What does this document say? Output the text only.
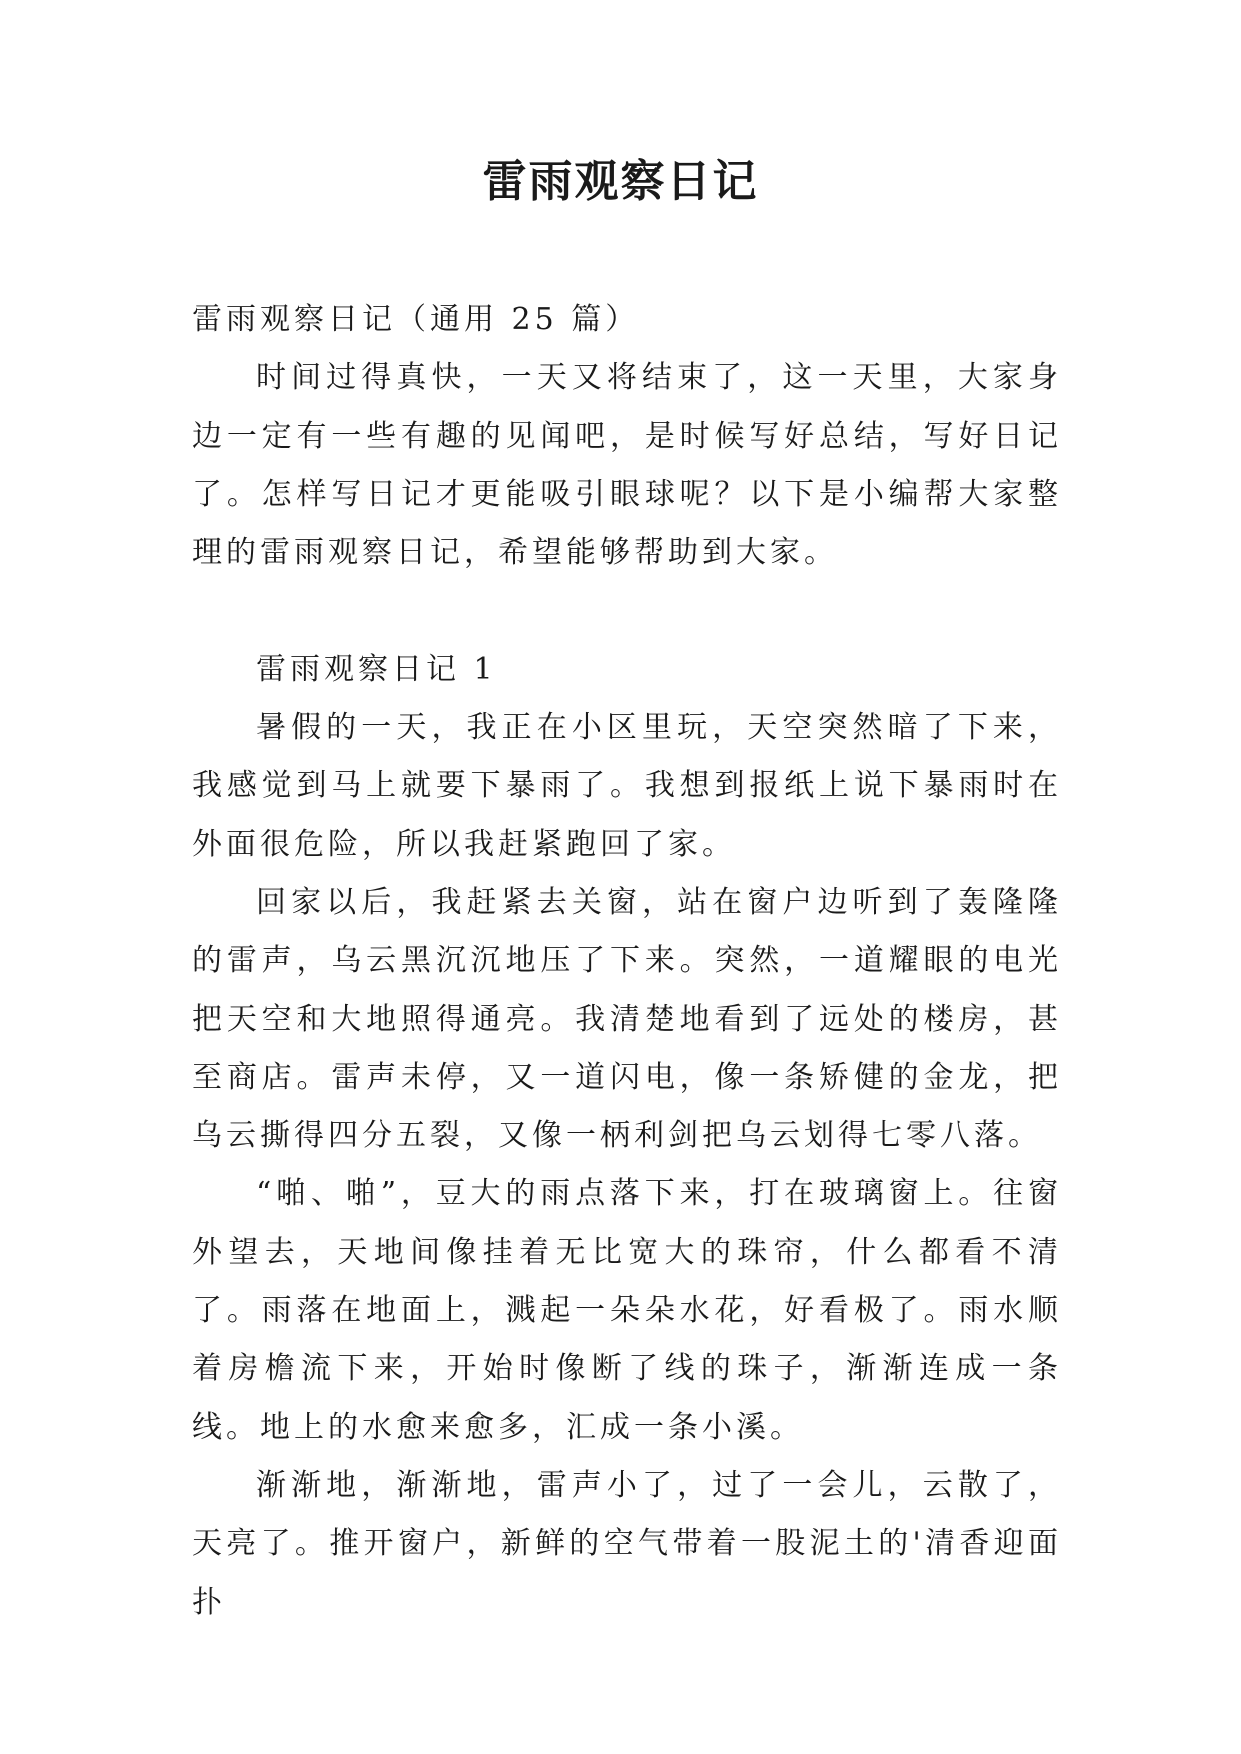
雷雨观察日记

雷雨观察日记（通用 25 篇）

时间过得真快，一天又将结束了，这一天里，大家身边一定有一些有趣的见闻吧，是时候写好总结，写好日记了。怎样写日记才更能吸引眼球呢？以下是小编帮大家整理的雷雨观察日记，希望能够帮助到大家。

雷雨观察日记 1

暑假的一天，我正在小区里玩，天空突然暗了下来，我感觉到马上就要下暴雨了。我想到报纸上说下暴雨时在外面很危险，所以我赶紧跑回了家。

回家以后，我赶紧去关窗，站在窗户边听到了轰隆隆的雷声，乌云黑沉沉地压了下来。突然，一道耀眼的电光把天空和大地照得通亮。我清楚地看到了远处的楼房，甚至商店。雷声未停，又一道闪电，像一条矫健的金龙，把乌云撕得四分五裂，又像一柄利剑把乌云划得七零八落。

“啪、啪”，豆大的雨点落下来，打在玻璃窗上。往窗外望去，天地间像挂着无比宽大的珠帘，什么都看不清了。雨落在地面上，溅起一朵朵水花，好看极了。雨水顺着房檐流下来，开始时像断了线的珠子，渐渐连成一条线。地上的水愈来愈多，汇成一条小溪。

渐渐地，渐渐地，雷声小了，过了一会儿，云散了，天亮了。推开窗户，新鲜的空气带着一股泥土的'清香迎面扑
